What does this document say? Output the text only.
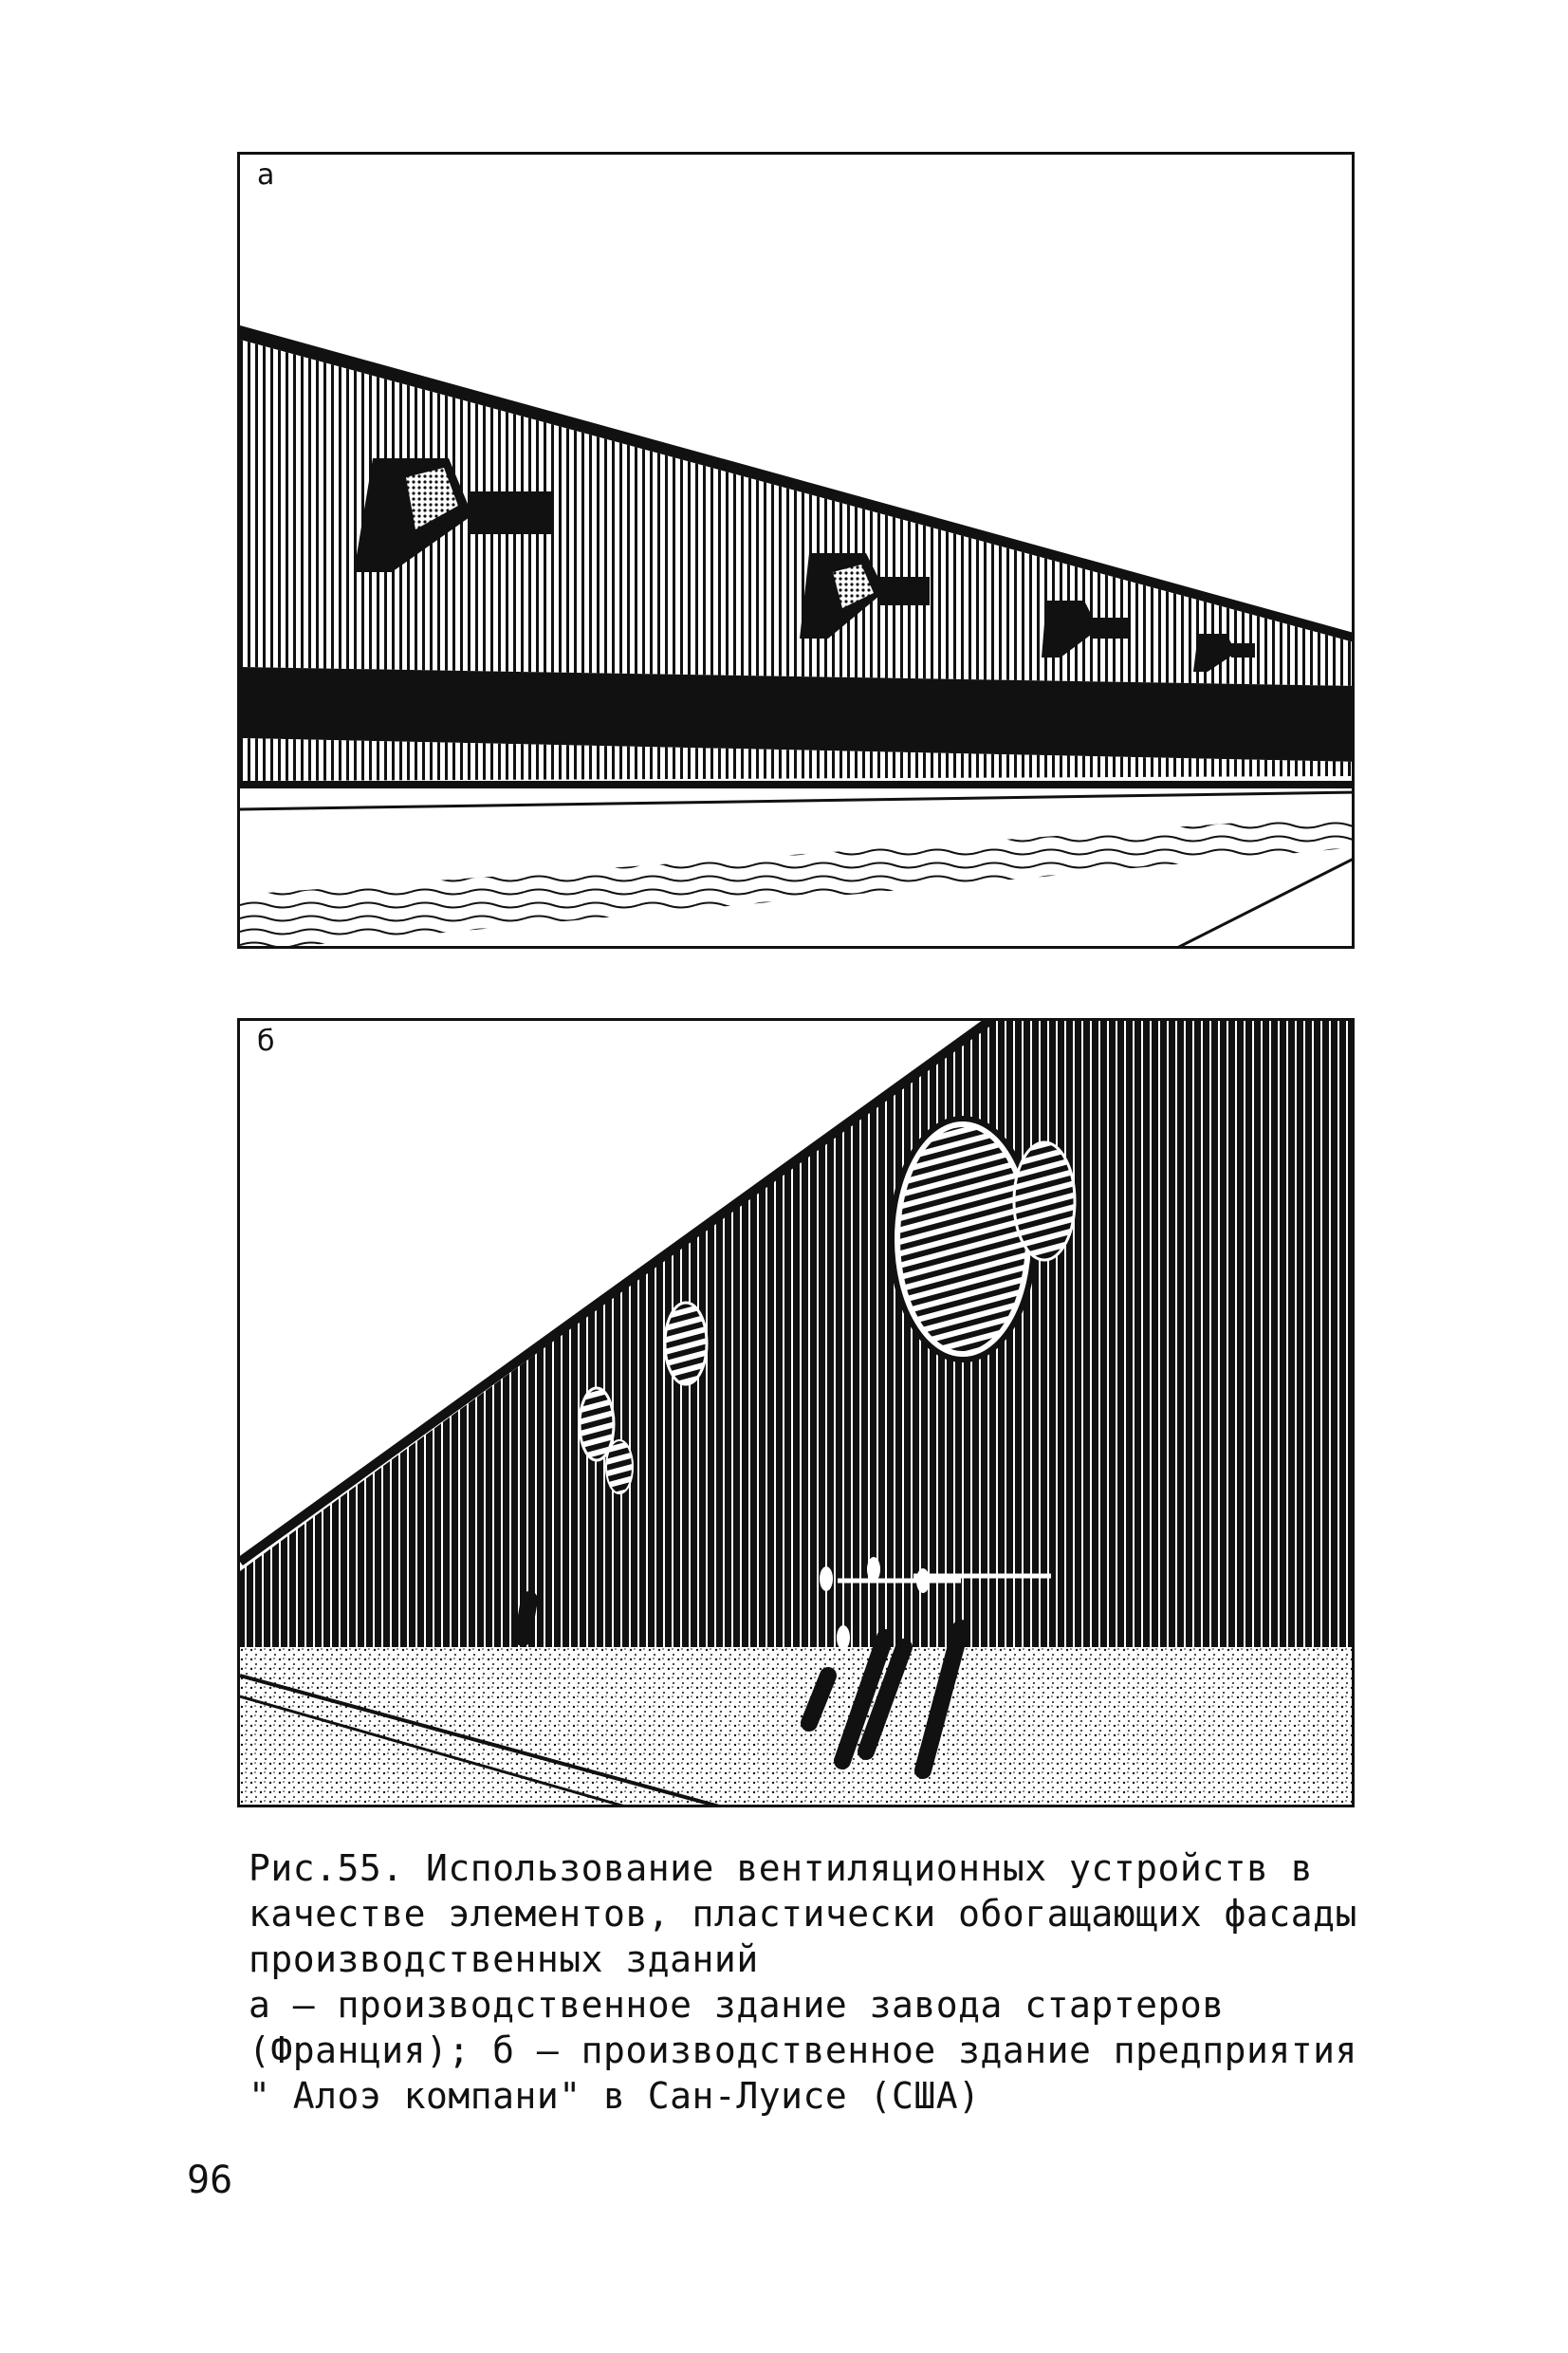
а
б

Рис.55. Использование вентиляционных устройств в качестве элементов, пластически обогащающих фасады производственных зданий

а – производственное здание завода стартеров (Франция); б – производственное здание предприятия " Алоэ компани" в Сан-Луисе (США)

96
